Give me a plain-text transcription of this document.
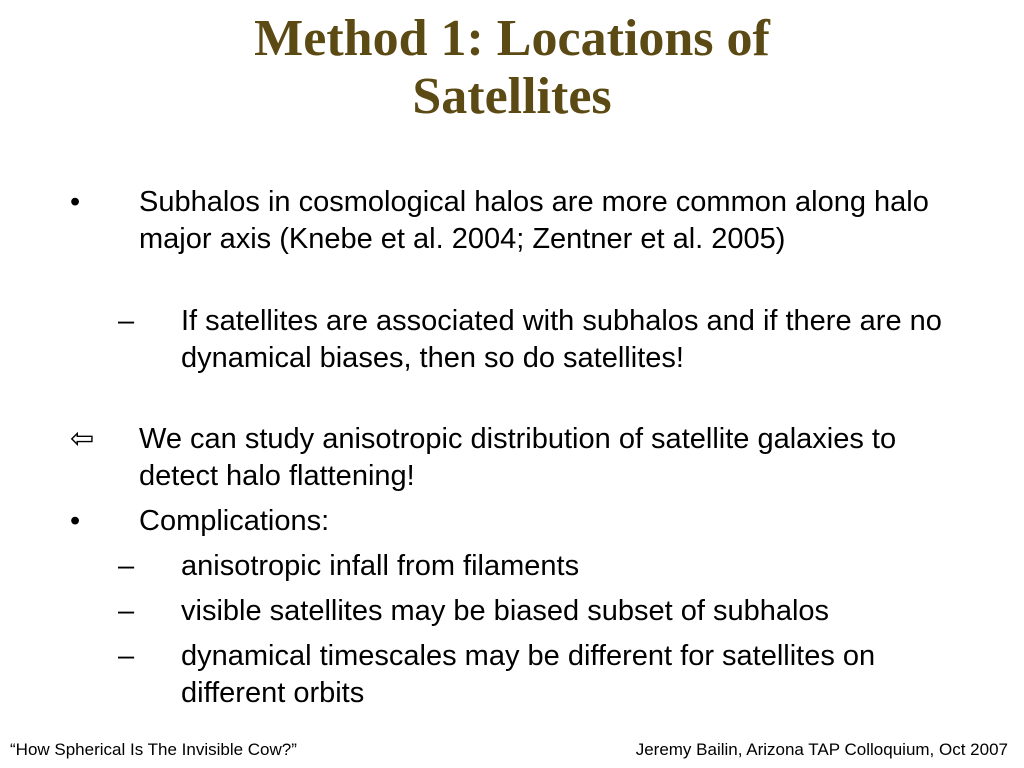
Method 1: Locations of
Satellites
• Subhalos in cosmological halos are more common along halo major axis (Knebe et al. 2004; Zentner et al. 2005)
– If satellites are associated with subhalos and if there are no dynamical biases, then so do satellites!
⇦ We can study anisotropic distribution of satellite galaxies to detect halo flattening!
• Complications:
– anisotropic infall from filaments
– visible satellites may be biased subset of subhalos
– dynamical timescales may be different for satellites on different orbits
“How Spherical Is The Invisible Cow?”	Jeremy Bailin, Arizona TAP Colloquium, Oct 2007
